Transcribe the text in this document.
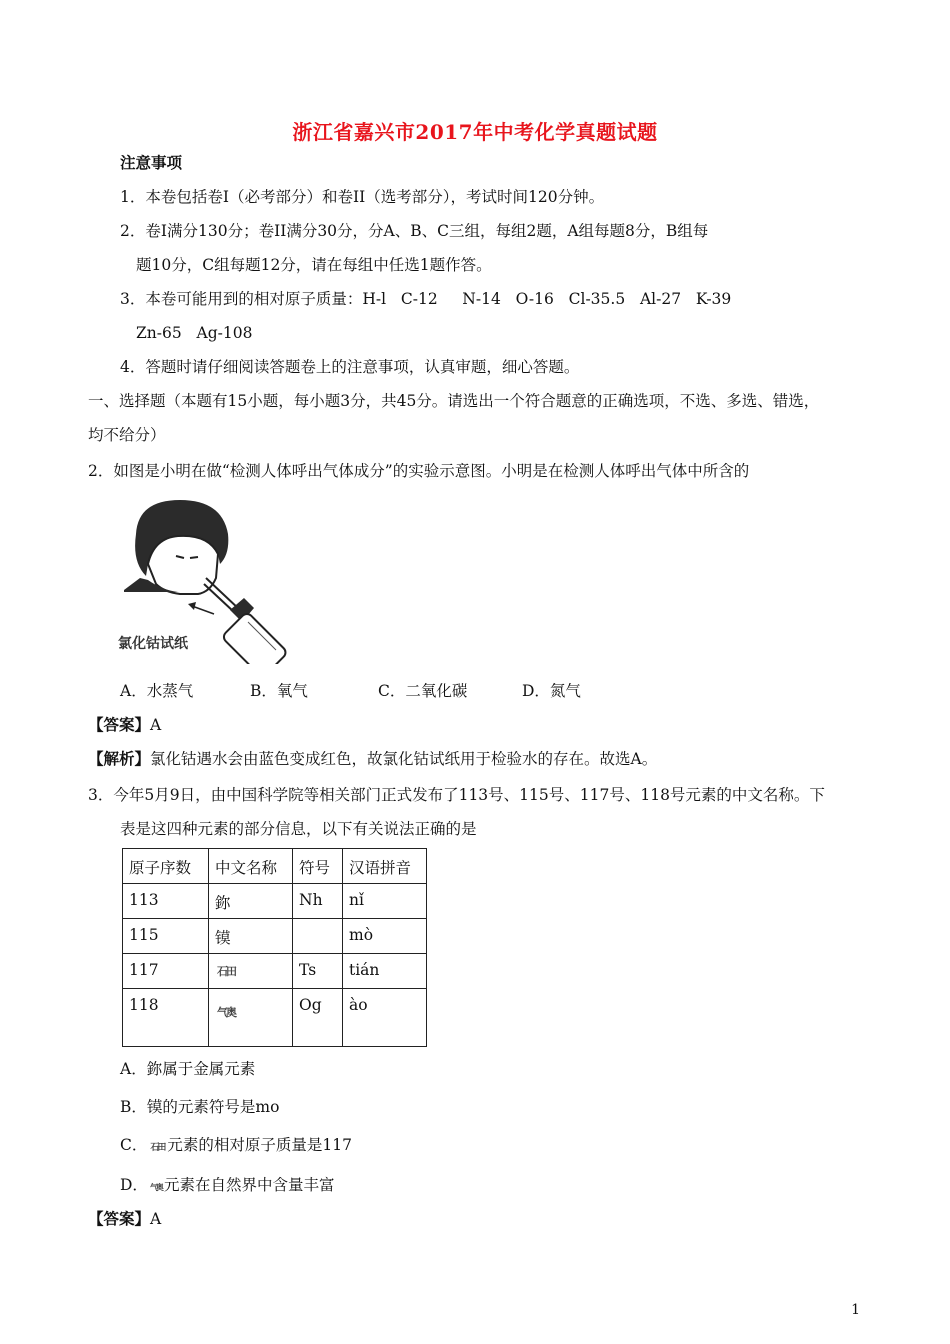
浙江省嘉兴市2017年中考化学真题试题
注意事项
1．本卷包括卷Ⅰ（必考部分）和卷ⅠI（选考部分），考试时间120分钟。
2．卷Ⅰ满分130分；卷ⅠI满分30分，分A、B、C三组，每组2题，A组每题8分，B组每
题10分，C组每题12分，请在每组中任选1题作答。
3．本卷可能用到的相对原子质量：H-l   C-12     N-14   O-16   Cl-35.5   Al-27   K-39
Zn-65   Ag-108
4．答题时请仔细阅读答题卷上的注意事项，认真审题，细心答题。
一、选择题（本题有15小题，每小题3分，共45分。请选出一个符合题意的正确选项，不选、多选、错选，
均不给分）
2．如图是小明在做“检测人体呼出气体成分”的实验示意图。小明是在检测人体呼出气体中所含的
氯化钴试纸
A．水蒸气	B．氧气	C．二氧化碳	D．氮气
【答案】A
【解析】氯化钴遇水会由蓝色变成红色，故氯化钴试纸用于检验水的存在。故选A。
3．今年5月9日，由中国科学院等相关部门正式发布了113号、115号、117号、118号元素的中文名称。下
表是这四种元素的部分信息，以下有关说法正确的是
原子序数	中文名称	符号	汉语拼音
113	鉨	Nh	nǐ
115	镆		mò
117	石田	Ts	tián
118	气奥	Og	ào
A．鉨属于金属元素
B．镆的元素符号是mo
C． 石田 元素的相对原子质量是117
D． 气奥 元素在自然界中含量丰富
【答案】A
1
